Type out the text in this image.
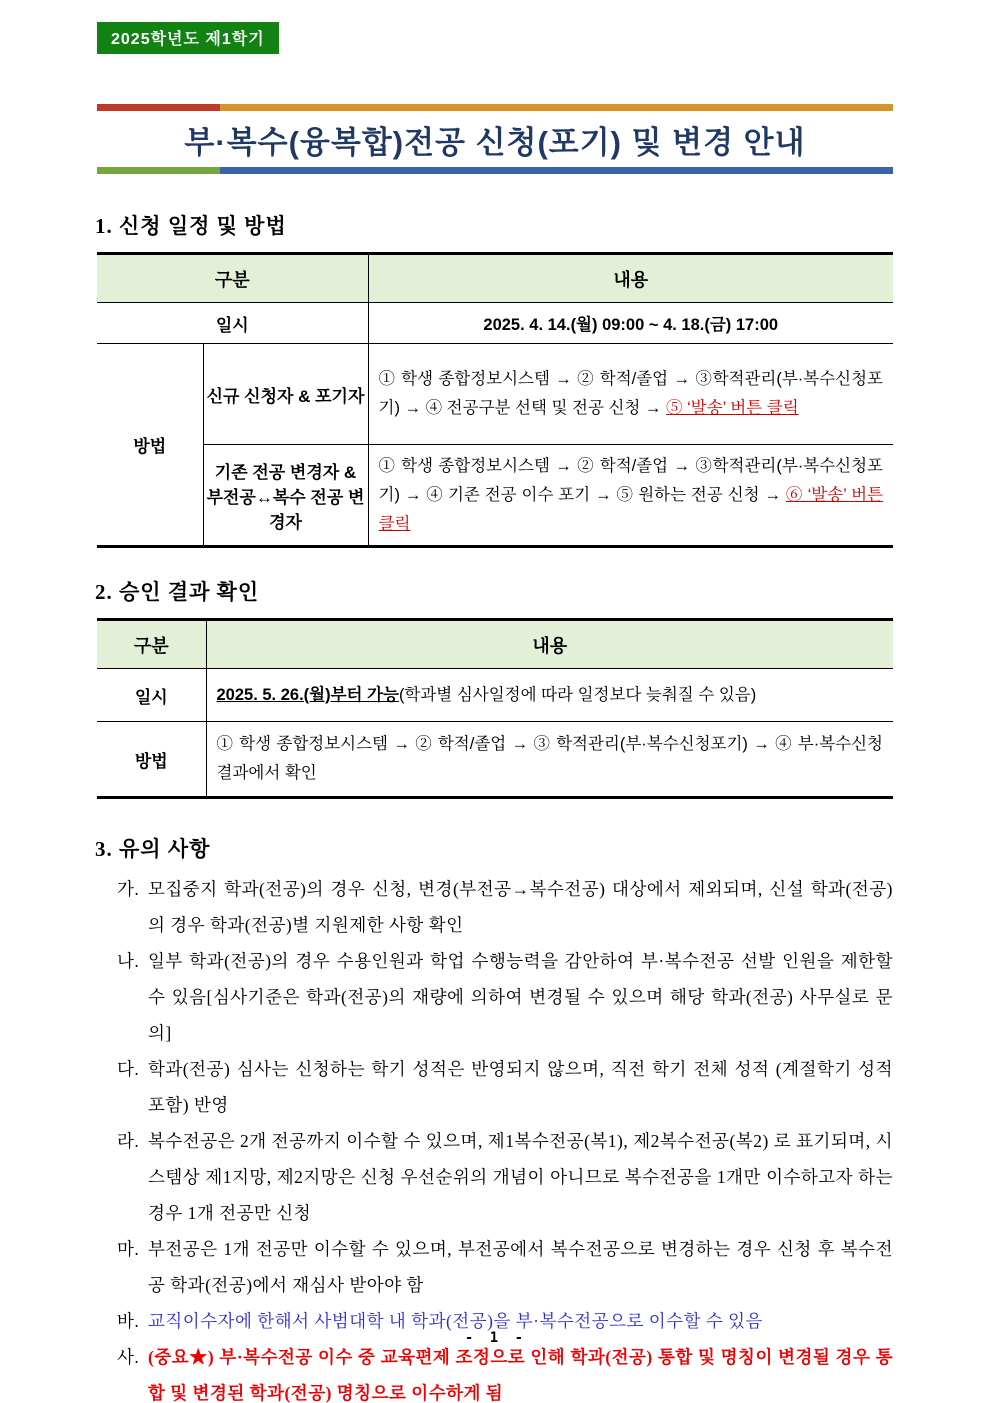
2025학년도 제1학기
부·복수(융복합)전공 신청(포기) 및 변경 안내
1. 신청 일정 및 방법
구분		내용
일시		2025. 4. 14.(월) 09:00 ~ 4. 18.(금) 17:00
방법	신규 신청자 & 포기자	① 학생 종합정보시스템 → ② 학적/졸업 → ③학적관리(부·복수신청포기) → ④ 전공구분 선택 및 전공 신청 → ⑤ ‘발송’ 버튼 클릭
	기존 전공 변경자 & 부전공↔복수 전공 변경자	① 학생 종합정보시스템 → ② 학적/졸업 → ③학적관리(부·복수신청포기) → ④ 기존 전공 이수 포기 → ⑤ 원하는 전공 신청 → ⑥ ‘발송’ 버튼 클릭
2. 승인 결과 확인
구분	내용
일시	2025. 5. 26.(월)부터 가능(학과별 심사일정에 따라 일정보다 늦춰질 수 있음)
방법	① 학생 종합정보시스템 → ② 학적/졸업 → ③ 학적관리(부·복수신청포기) → ④ 부·복수신청결과에서 확인
3. 유의 사항
가. 모집중지 학과(전공)의 경우 신청, 변경(부전공→복수전공) 대상에서 제외되며, 신설 학과(전공)의 경우 학과(전공)별 지원제한 사항 확인
나. 일부 학과(전공)의 경우 수용인원과 학업 수행능력을 감안하여 부·복수전공 선발 인원을 제한할 수 있음[심사기준은 학과(전공)의 재량에 의하여 변경될 수 있으며 해당 학과(전공) 사무실로 문의]
다. 학과(전공) 심사는 신청하는 학기 성적은 반영되지 않으며, 직전 학기 전체 성적 (계절학기 성적 포함) 반영
라. 복수전공은 2개 전공까지 이수할 수 있으며, 제1복수전공(복1), 제2복수전공(복2) 로 표기되며, 시스템상 제1지망, 제2지망은 신청 우선순위의 개념이 아니므로 복수전공을 1개만 이수하고자 하는 경우 1개 전공만 신청
마. 부전공은 1개 전공만 이수할 수 있으며, 부전공에서 복수전공으로 변경하는 경우 신청 후 복수전공 학과(전공)에서 재심사 받아야 함
바. 교직이수자에 한해서 사범대학 내 학과(전공)을 부·복수전공으로 이수할 수 있음
사. (중요★) 부·복수전공 이수 중 교육편제 조정으로 인해 학과(전공) 통합 및 명칭이 변경될 경우 통합 및 변경된 학과(전공) 명칭으로 이수하게 됨
- 1 -
